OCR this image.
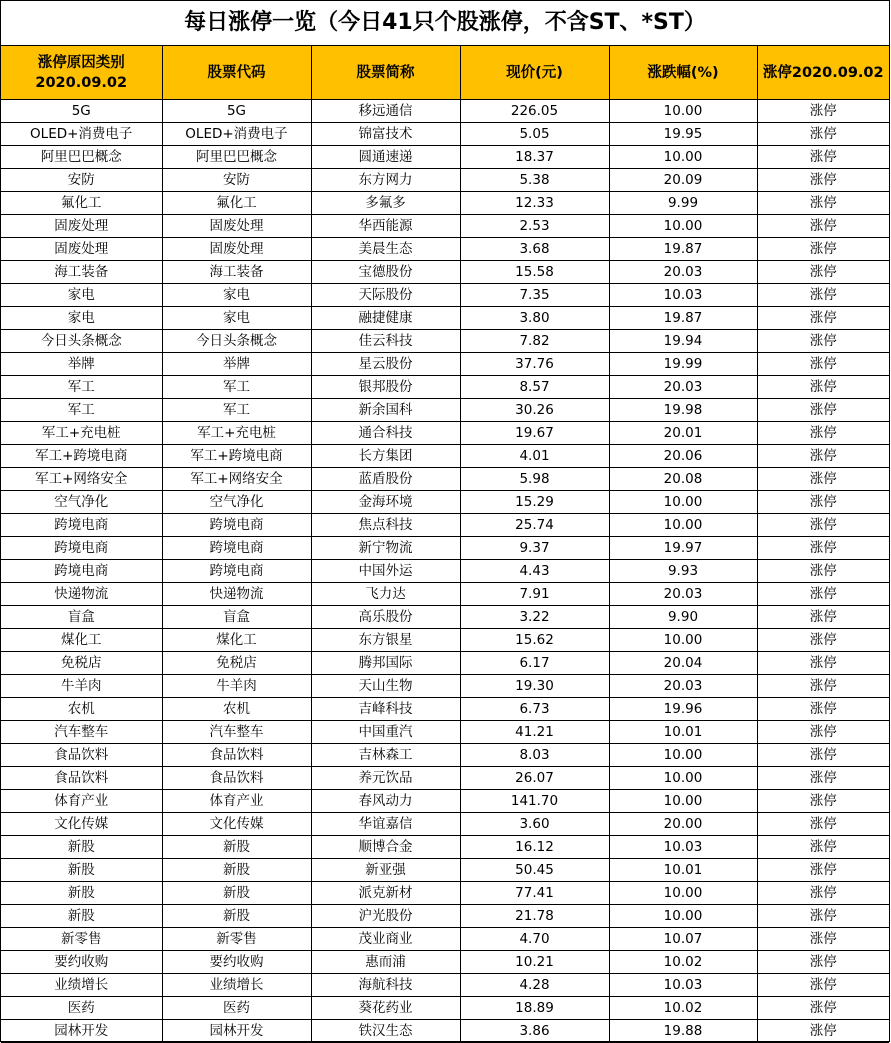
每日涨停一览（今日41只个股涨停，不含ST、*ST）
涨停原因类别
2020.09.02	股票代码	股票简称	现价(元)	涨跌幅(%)	涨停2020.09.02
5G	5G	移远通信	226.05	10.00	涨停
OLED+消费电子	OLED+消费电子	锦富技术	5.05	19.95	涨停
阿里巴巴概念	阿里巴巴概念	圆通速递	18.37	10.00	涨停
安防	安防	东方网力	5.38	20.09	涨停
氟化工	氟化工	多氟多	12.33	9.99	涨停
固废处理	固废处理	华西能源	2.53	10.00	涨停
固废处理	固废处理	美晨生态	3.68	19.87	涨停
海工装备	海工装备	宝德股份	15.58	20.03	涨停
家电	家电	天际股份	7.35	10.03	涨停
家电	家电	融捷健康	3.80	19.87	涨停
今日头条概念	今日头条概念	佳云科技	7.82	19.94	涨停
举牌	举牌	星云股份	37.76	19.99	涨停
军工	军工	银邦股份	8.57	20.03	涨停
军工	军工	新余国科	30.26	19.98	涨停
军工+充电桩	军工+充电桩	通合科技	19.67	20.01	涨停
军工+跨境电商	军工+跨境电商	长方集团	4.01	20.06	涨停
军工+网络安全	军工+网络安全	蓝盾股份	5.98	20.08	涨停
空气净化	空气净化	金海环境	15.29	10.00	涨停
跨境电商	跨境电商	焦点科技	25.74	10.00	涨停
跨境电商	跨境电商	新宁物流	9.37	19.97	涨停
跨境电商	跨境电商	中国外运	4.43	9.93	涨停
快递物流	快递物流	飞力达	7.91	20.03	涨停
盲盒	盲盒	高乐股份	3.22	9.90	涨停
煤化工	煤化工	东方银星	15.62	10.00	涨停
免税店	免税店	腾邦国际	6.17	20.04	涨停
牛羊肉	牛羊肉	天山生物	19.30	20.03	涨停
农机	农机	吉峰科技	6.73	19.96	涨停
汽车整车	汽车整车	中国重汽	41.21	10.01	涨停
食品饮料	食品饮料	吉林森工	8.03	10.00	涨停
食品饮料	食品饮料	养元饮品	26.07	10.00	涨停
体育产业	体育产业	春风动力	141.70	10.00	涨停
文化传媒	文化传媒	华谊嘉信	3.60	20.00	涨停
新股	新股	顺博合金	16.12	10.03	涨停
新股	新股	新亚强	50.45	10.01	涨停
新股	新股	派克新材	77.41	10.00	涨停
新股	新股	沪光股份	21.78	10.00	涨停
新零售	新零售	茂业商业	4.70	10.07	涨停
要约收购	要约收购	惠而浦	10.21	10.02	涨停
业绩增长	业绩增长	海航科技	4.28	10.03	涨停
医药	医药	葵花药业	18.89	10.02	涨停
园林开发	园林开发	铁汉生态	3.86	19.88	涨停
